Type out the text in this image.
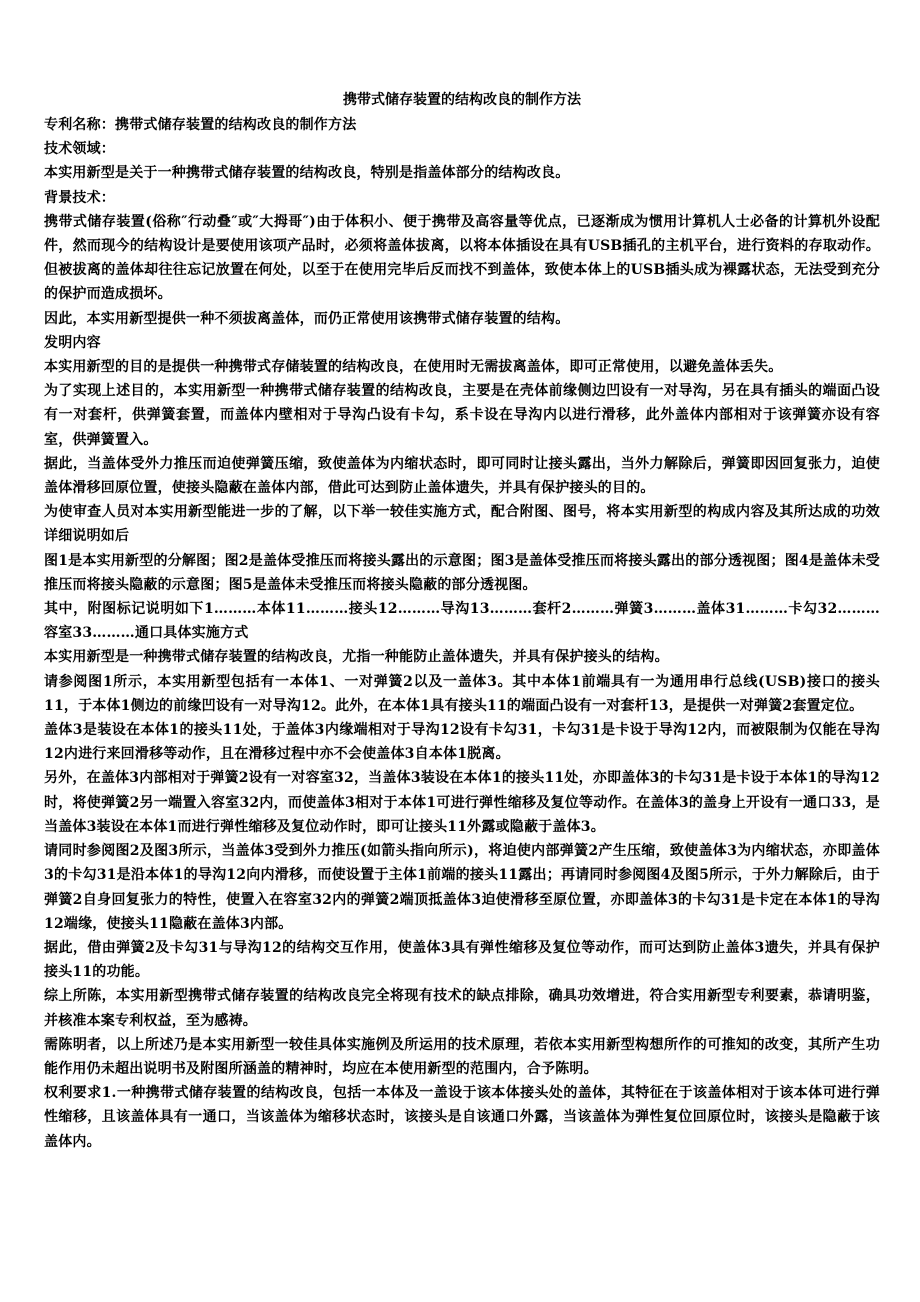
携带式储存装置的结构改良的制作方法

专利名称：携带式储存装置的结构改良的制作方法

技术领域：

本实用新型是关于一种携带式储存装置的结构改良，特别是指盖体部分的结构改良。

背景技术：

携带式储存装置(俗称″行动叠″或″大拇哥″)由于体积小、便于携带及高容量等优点，已逐渐成为惯用计算机人士必备的计算机外设配件，然而现今的结构设计是要使用该项产品时，必须将盖体拔离，以将本体插设在具有USB插孔的主机平台，进行资料的存取动作。但被拔离的盖体却往往忘记放置在何处，以至于在使用完毕后反而找不到盖体，致使本体上的USB插头成为裸露状态，无法受到充分的保护而造成损坏。

因此，本实用新型提供一种不须拔离盖体，而仍正常使用该携带式储存装置的结构。

发明内容

本实用新型的目的是提供一种携带式存储装置的结构改良，在使用时无需拔离盖体，即可正常使用，以避免盖体丢失。

为了实现上述目的，本实用新型一种携带式储存装置的结构改良，主要是在壳体前缘侧边凹设有一对导沟，另在具有插头的端面凸设有一对套杆，供弹簧套置，而盖体内壁相对于导沟凸设有卡勾，系卡设在导沟内以进行滑移，此外盖体内部相对于该弹簧亦设有容室，供弹簧置入。

据此，当盖体受外力推压而迫使弹簧压缩，致使盖体为内缩状态时，即可同时让接头露出，当外力解除后，弹簧即因回复张力，迫使盖体滑移回原位置，使接头隐蔽在盖体内部，借此可达到防止盖体遗失，并具有保护接头的目的。

为使审查人员对本实用新型能进一步的了解，以下举一较佳实施方式，配合附图、图号，将本实用新型的构成内容及其所达成的功效详细说明如后

图1是本实用新型的分解图；图2是盖体受推压而将接头露出的示意图；图3是盖体受推压而将接头露出的部分透视图；图4是盖体未受推压而将接头隐蔽的示意图；图5是盖体未受推压而将接头隐蔽的部分透视图。

其中，附图标记说明如下1………本体11………接头12………导沟13………套杆2………弹簧3………盖体31………卡勾32………容室33………通口具体实施方式

本实用新型是一种携带式储存装置的结构改良，尤指一种能防止盖体遗失，并具有保护接头的结构。

请参阅图1所示，本实用新型包括有一本体1、一对弹簧2以及一盖体3。其中本体1前端具有一为通用串行总线(USB)接口的接头11，于本体1侧边的前缘凹设有一对导沟12。此外，在本体1具有接头11的端面凸设有一对套杆13，是提供一对弹簧2套置定位。

盖体3是装设在本体1的接头11处，于盖体3内缘端相对于导沟12设有卡勾31，卡勾31是卡设于导沟12内，而被限制为仅能在导沟12内进行来回滑移等动作，且在滑移过程中亦不会使盖体3自本体1脱离。

另外，在盖体3内部相对于弹簧2设有一对容室32，当盖体3装设在本体1的接头11处，亦即盖体3的卡勾31是卡设于本体1的导沟12时，将使弹簧2另一端置入容室32内，而使盖体3相对于本体1可进行弹性缩移及复位等动作。在盖体3的盖身上开设有一通口33，是当盖体3装设在本体1而进行弹性缩移及复位动作时，即可让接头11外露或隐蔽于盖体3。

请同时参阅图2及图3所示，当盖体3受到外力推压(如箭头指向所示)，将迫使内部弹簧2产生压缩，致使盖体3为内缩状态，亦即盖体3的卡勾31是沿本体1的导沟12向内滑移，而使设置于主体1前端的接头11露出；再请同时参阅图4及图5所示，于外力解除后，由于弹簧2自身回复张力的特性，使置入在容室32内的弹簧2端顶抵盖体3迫使滑移至原位置，亦即盖体3的卡勾31是卡定在本体1的导沟12端缘，使接头11隐蔽在盖体3内部。

据此，借由弹簧2及卡勾31与导沟12的结构交互作用，使盖体3具有弹性缩移及复位等动作，而可达到防止盖体3遗失，并具有保护接头11的功能。

综上所陈，本实用新型携带式储存装置的结构改良完全将现有技术的缺点排除，确具功效增进，符合实用新型专利要素，恭请明鉴，并核准本案专利权益，至为感祷。

需陈明者，以上所述乃是本实用新型一较佳具体实施例及所运用的技术原理，若依本实用新型构想所作的可推知的改变，其所产生功能作用仍未超出说明书及附图所涵盖的精神时，均应在本使用新型的范围内，合予陈明。

权利要求1.一种携带式储存装置的结构改良，包括一本体及一盖设于该本体接头处的盖体，其特征在于该盖体相对于该本体可进行弹性缩移，且该盖体具有一通口，当该盖体为缩移状态时，该接头是自该通口外露，当该盖体为弹性复位回原位时，该接头是隐蔽于该盖体内。
